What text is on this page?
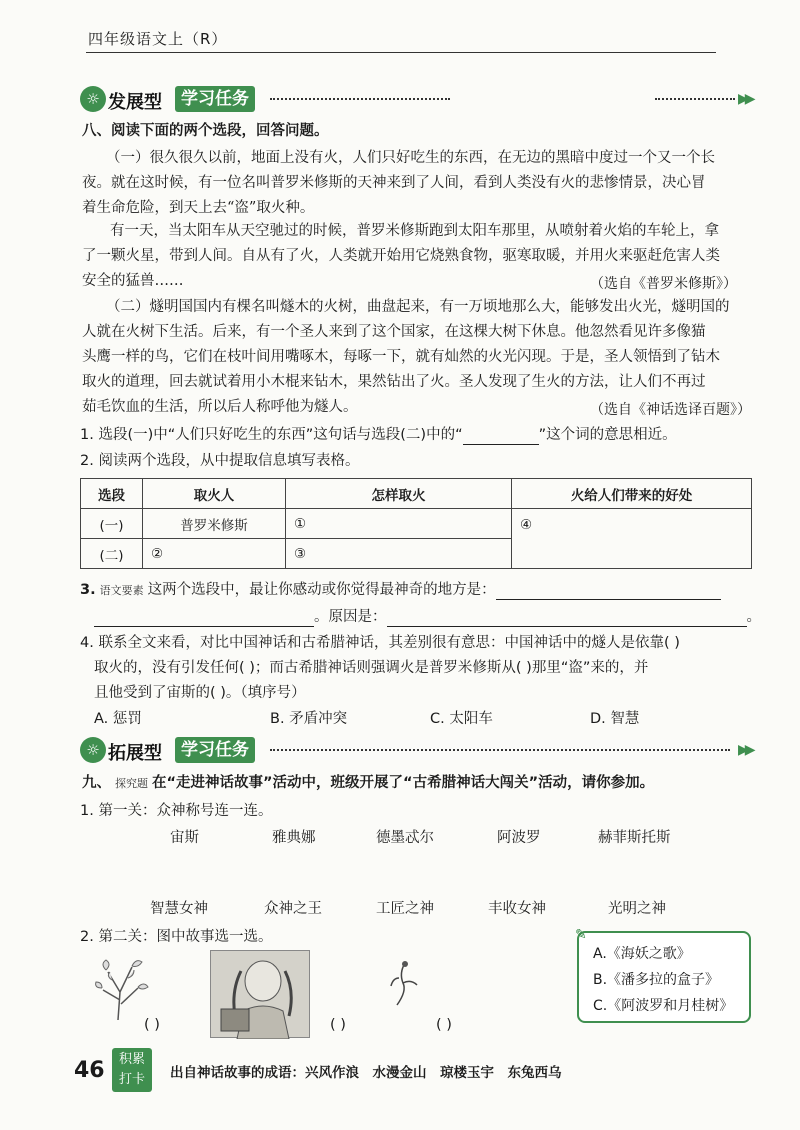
四年级语文上（R）
☼ 发展型	学习任务	▶▶
八、阅读下面的两个选段，回答问题。
（一）很久很久以前，地面上没有火，人们只好吃生的东西，在无边的黑暗中度过一个又一个长
夜。就在这时候，有一位名叫普罗米修斯的天神来到了人间，看到人类没有火的悲惨情景，决心冒
着生命危险，到天上去“盗”取火种。
有一天，当太阳车从天空驰过的时候，普罗米修斯跑到太阳车那里，从喷射着火焰的车轮上，拿
了一颗火星，带到人间。自从有了火，人类就开始用它烧熟食物，驱寒取暖，并用火来驱赶危害人类
安全的猛兽……	（选自《普罗米修斯》）
（二）燧明国国内有棵名叫燧木的火树，曲盘起来，有一万顷地那么大，能够发出火光，燧明国的
人就在火树下生活。后来，有一个圣人来到了这个国家，在这棵大树下休息。他忽然看见许多像猫
头鹰一样的鸟，它们在枝叶间用嘴啄木，每啄一下，就有灿然的火光闪现。于是，圣人领悟到了钻木
取火的道理，回去就试着用小木棍来钻木，果然钻出了火。圣人发现了生火的方法，让人们不再过
茹毛饮血的生活，所以后人称呼他为燧人。	（选自《神话选译百题》）
1. 选段(一)中“人们只好吃生的东西”这句话与选段(二)中的“	”这个词的意思相近。
2. 阅读两个选段，从中提取信息填写表格。
选段	取火人	怎样取火	火给人们带来的好处
(一)	普罗米修斯	①	④
(二)	②	③	
3. 语文要素 这两个选段中，最让你感动或你觉得最神奇的地方是：
。原因是：	。
4. 联系全文来看，对比中国神话和古希腊神话，其差别很有意思：中国神话中的燧人是依靠( )
取火的，没有引发任何( )；而古希腊神话则强调火是普罗米修斯从( )那里“盗”来的，并
且他受到了宙斯的( )。（填序号）
A. 惩罚	B. 矛盾冲突	C. 太阳车	D. 智慧
☼ 拓展型	学习任务	▶▶
九、 探究题 在“走进神话故事”活动中，班级开展了“古希腊神话大闯关”活动，请你参加。
1. 第一关：众神称号连一连。
宙斯	雅典娜	德墨忒尔	阿波罗	赫菲斯托斯
智慧女神	众神之王	工匠之神	丰收女神	光明之神
2. 第二关：图中故事选一选。
( )	( )	( )
✎
A.《海妖之歌》
B.《潘多拉的盒子》
C.《阿波罗和月桂树》
46	积累
打卡	出自神话故事的成语：兴风作浪　水漫金山　琼楼玉宇　东兔西乌
